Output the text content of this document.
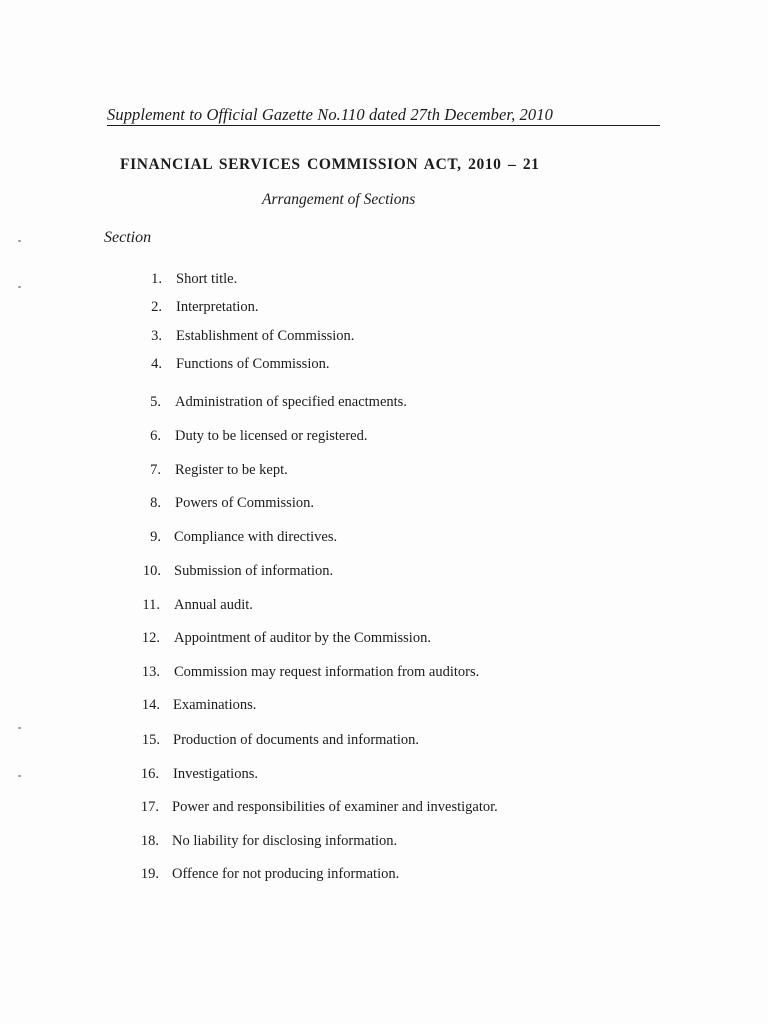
Supplement to Official Gazette No.110 dated 27th December, 2010
FINANCIAL SERVICES COMMISSION ACT, 2010 – 21
Arrangement of Sections
Section
1. Short title.
2. Interpretation.
3. Establishment of Commission.
4. Functions of Commission.
5. Administration of specified enactments.
6. Duty to be licensed or registered.
7. Register to be kept.
8. Powers of Commission.
9. Compliance with directives.
10. Submission of information.
11. Annual audit.
12. Appointment of auditor by the Commission.
13. Commission may request information from auditors.
14. Examinations.
15. Production of documents and information.
16. Investigations.
17. Power and responsibilities of examiner and investigator.
18. No liability for disclosing information.
19. Offence for not producing information.
